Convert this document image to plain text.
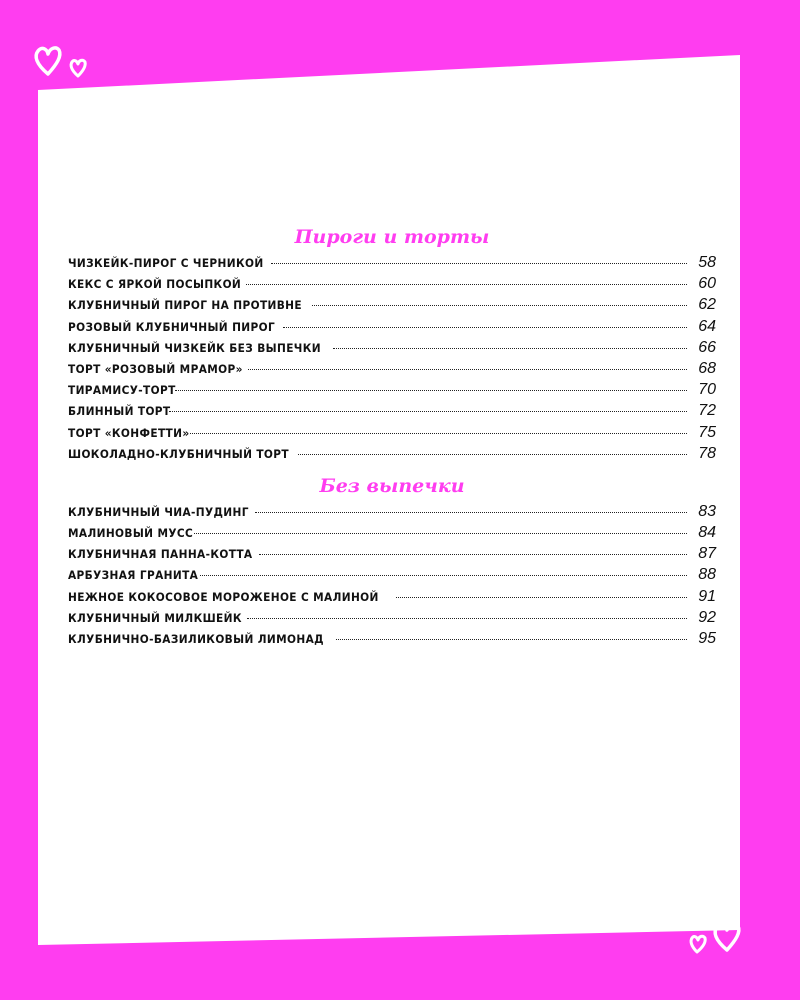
Пироги и торты
ЧИЗКЕЙК-ПИРОГ С ЧЕРНИКОЙ	58
КЕКС С ЯРКОЙ ПОСЫПКОЙ	60
КЛУБНИЧНЫЙ ПИРОГ НА ПРОТИВНЕ	62
РОЗОВЫЙ КЛУБНИЧНЫЙ ПИРОГ	64
КЛУБНИЧНЫЙ ЧИЗКЕЙК БЕЗ ВЫПЕЧКИ	66
ТОРТ «РОЗОВЫЙ МРАМОР»	68
ТИРАМИСУ-ТОРТ	70
БЛИННЫЙ ТОРТ	72
ТОРТ «КОНФЕТТИ»	75
ШОКОЛАДНО-КЛУБНИЧНЫЙ ТОРТ	78
Без выпечки
КЛУБНИЧНЫЙ ЧИА-ПУДИНГ	83
МАЛИНОВЫЙ МУСС	84
КЛУБНИЧНАЯ ПАННА-КОТТА	87
АРБУЗНАЯ ГРАНИТА	88
НЕЖНОЕ КОКОСОВОЕ МОРОЖЕНОЕ С МАЛИНОЙ	91
КЛУБНИЧНЫЙ МИЛКШЕЙК	92
КЛУБНИЧНО-БАЗИЛИКОВЫЙ ЛИМОНАД	95
